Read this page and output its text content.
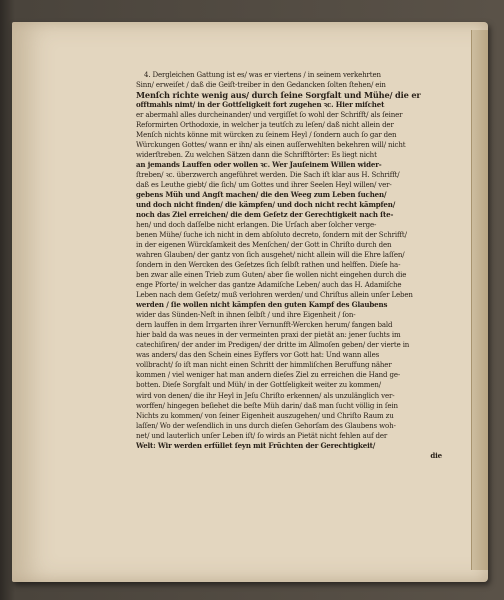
4. Dergleichen Gattung ist es/ was er viertens / in seinem verkehrten
Sinn/ erweiſet / daß die Geiſt-treiber in den Gedancken ſolten ſtehen/ ein
Menſch richte wenig aus/ durch ſeine Sorgfalt und Mühe/ die er
offtmahls nimt/ in der Gottſeligkeit fort zugehen ꝛc. Hier miſchet
er abermahl alles durcheinander/ und vergiſſet ſo wohl der Schrifft/ als ſeiner
Reformirten Orthodoxie, in welcher ja teutſch zu leſen/ daß nicht allein der
Menſch nichts könne mit würcken zu ſeinem Heyl / ſondern auch ſo gar den
Würckungen Gottes/ wann er ihn/ als einen auſſerwehlten bekehren will/ nicht
widerſtreben. Zu welchen Sätzen dann die Schrifftörter: Es liegt nicht
an jemands Lauffen oder wollen ꝛc. Wer Jauſeinem Willen wider-
ſtreben/ ꝛc. überzwerch angeführet werden. Die Sach iſt klar aus H. Schrifft/
daß es Leuthe giebt/ die ſich/ um Gottes und ihrer Seelen Heyl willen/ ver-
gebens Müh und Angſt machen/ die den Weeg zum Leben ſuchen/
und doch nicht finden/ die kämpfen/ und doch nicht recht kämpfen/
noch das Ziel erreichen/ die dem Geſetz der Gerechtigkeit nach ſte-
hen/ und doch daſſelbe nicht erlangen. Die Urſach aber ſolcher verge-
benen Mühe/ ſuche ich nicht in dem abſoluto decreto, ſondern mit der Schrifft/
in der eigenen Würckſamkeit des Menſchen/ der Gott in Chriſto durch den
wahren Glauben/ der gantz von ſich ausgehet/ nicht allein will die Ehre laſſen/
ſondern in den Wercken des Geſetzes ſich ſelbſt rathen und helffen. Dieſe ha-
ben zwar alle einen Trieb zum Guten/ aber ſie wollen nicht eingehen durch die
enge Pforte/ in welcher das gantze Adamiſche Leben/ auch das H. Adamiſche
Leben nach dem Geſetz/ muß verlohren werden/ und Chriſtus allein unſer Leben
werden / ſie wollen nicht kämpfen den guten Kampf des Glaubens
wider das Sünden-Neſt in ihnen ſelbſt / und ihre Eigenheit / ſon-
dern lauffen in dem Irrgarten ihrer Vernunfft-Wercken herum/ fangen bald
hier bald da was neues in der vermeinten praxi der pietät an: jener ſuchts im
catechiſiren/ der ander im Predigen/ der dritte im Allmoſen geben/ der vierte in
was anders/ das den Schein eines Eyffers vor Gott hat: Und wann alles
vollbracht/ ſo iſt man nicht einen Schritt der himmliſchen Beruffung näher
kommen / viel weniger hat man andern dieſes Ziel zu erreichen die Hand ge-
botten. Dieſe Sorgfalt und Müh/ in der Gottſeligkeit weiter zu kommen/
wird von denen/ die ihr Heyl in Jeſu Chriſto erkennen/ als unzulänglich ver-
worffen/ hingegen beſiehet die beſte Müh darin/ daß man ſucht völlig in ſein
Nichts zu kommen/ von ſeiner Eigenheit auszugehen/ und Chriſto Raum zu
laſſen/ Wo der weſendlich in uns durch dieſen Gehorſam des Glaubens woh-
net/ und lauterlich unſer Leben iſt/ ſo wirds an Pietät nicht fehlen auf der
Welt: Wir werden erfüllet ſeyn mit Früchten der Gerechtigkeit/
die
